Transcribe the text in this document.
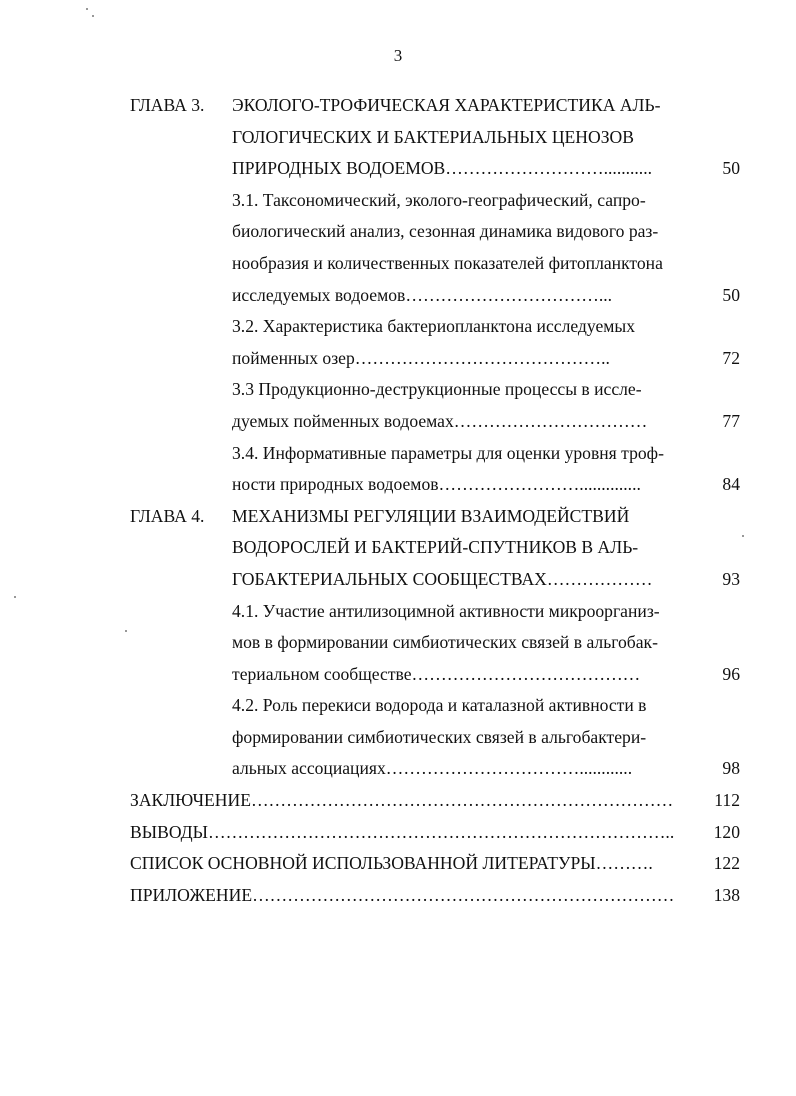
3
ГЛАВА 3. ЭКОЛОГО-ТРОФИЧЕСКАЯ ХАРАКТЕРИСТИКА АЛЬ-
ГОЛОГИЧЕСКИХ И БАКТЕРИАЛЬНЫХ ЦЕНОЗОВ
ПРИРОДНЫХ ВОДОЕМОВ………………………...........	50
3.1. Таксономический, эколого-географический, сапро-
биологический анализ, сезонная динамика видового раз-
нообразия и количественных показателей фитопланктона
исследуемых водоемов……………………………...	50
3.2. Характеристика бактериопланктона исследуемых
пойменных озер……………………………………..	72
3.3 Продукционно-деструкционные процессы в иссле-
дуемых пойменных водоемах……………………………	77
3.4. Информативные параметры для оценки уровня троф-
ности природных водоемов……………………..............	84
ГЛАВА 4. МЕХАНИЗМЫ РЕГУЛЯЦИИ ВЗАИМОДЕЙСТВИЙ
ВОДОРОСЛЕЙ И БАКТЕРИЙ-СПУТНИКОВ В АЛЬ-
ГОБАКТЕРИАЛЬНЫХ СООБЩЕСТВАХ………………	93
4.1. Участие антилизоцимной активности микроорганиз-
мов в формировании симбиотических связей в альгобак-
териальном сообществе…………………………………	96
4.2. Роль перекиси водорода и каталазной активности в
формировании симбиотических связей в альгобактери-
альных ассоциациях……………………………............	98
ЗАКЛЮЧЕНИЕ……………………………………………………………… 112
ВЫВОДЫ…………………………………………………………………….. 120
СПИСОК ОСНОВНОЙ ИСПОЛЬЗОВАННОЙ ЛИТЕРАТУРЫ……….	122
ПРИЛОЖЕНИЕ……………………………………………………………… 138
